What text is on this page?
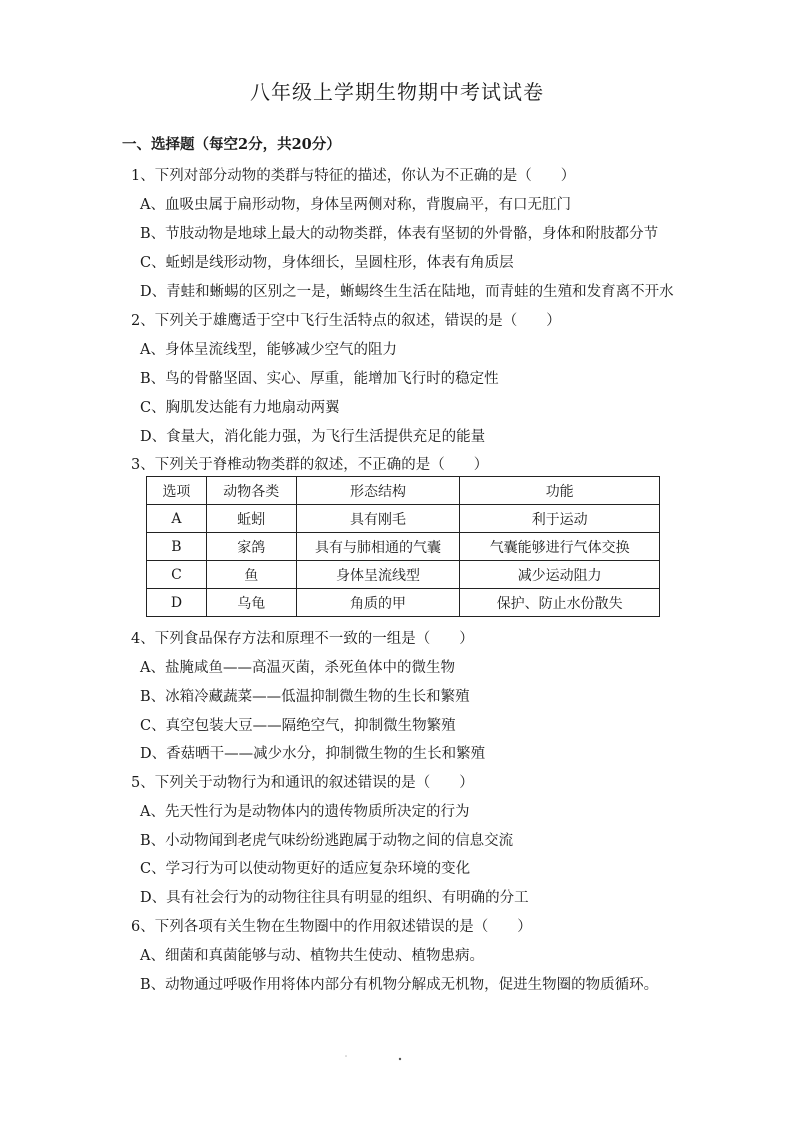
八年级上学期生物期中考试试卷
一、选择题（每空2分，共20分）
1、下列对部分动物的类群与特征的描述，你认为不正确的是（　　）
A、血吸虫属于扁形动物，身体呈两侧对称，背腹扁平，有口无肛门
B、节肢动物是地球上最大的动物类群，体表有坚韧的外骨骼，身体和附肢都分节
C、蚯蚓是线形动物，身体细长，呈圆柱形，体表有角质层
D、青蛙和蜥蜴的区别之一是，蜥蜴终生生活在陆地，而青蛙的生殖和发育离不开水
2、下列关于雄鹰适于空中飞行生活特点的叙述，错误的是（　　）
A、身体呈流线型，能够减少空气的阻力
B、鸟的骨骼坚固、实心、厚重，能增加飞行时的稳定性
C、胸肌发达能有力地扇动两翼
D、食量大，消化能力强，为飞行生活提供充足的能量
3、下列关于脊椎动物类群的叙述，不正确的是（　　）
选项	动物各类	形态结构	功能
A	蚯蚓	具有刚毛	利于运动
B	家鸽	具有与肺相通的气囊	气囊能够进行气体交换
C	鱼	身体呈流线型	减少运动阻力
D	乌龟	角质的甲	保护、防止水份散失
4、下列食品保存方法和原理不一致的一组是（　　）
A、盐腌咸鱼——高温灭菌，杀死鱼体中的微生物
B、冰箱冷藏蔬菜——低温抑制微生物的生长和繁殖
C、真空包装大豆——隔绝空气，抑制微生物繁殖
D、香菇晒干——减少水分，抑制微生物的生长和繁殖
5、下列关于动物行为和通讯的叙述错误的是（　　）
A、先天性行为是动物体内的遗传物质所决定的行为
B、小动物闻到老虎气味纷纷逃跑属于动物之间的信息交流
C、学习行为可以使动物更好的适应复杂环境的变化
D、具有社会行为的动物往往具有明显的组织、有明确的分工
6、下列各项有关生物在生物圈中的作用叙述错误的是（　　）
A、细菌和真菌能够与动、植物共生使动、植物患病。
B、动物通过呼吸作用将体内部分有机物分解成无机物，促进生物圈的物质循环。
